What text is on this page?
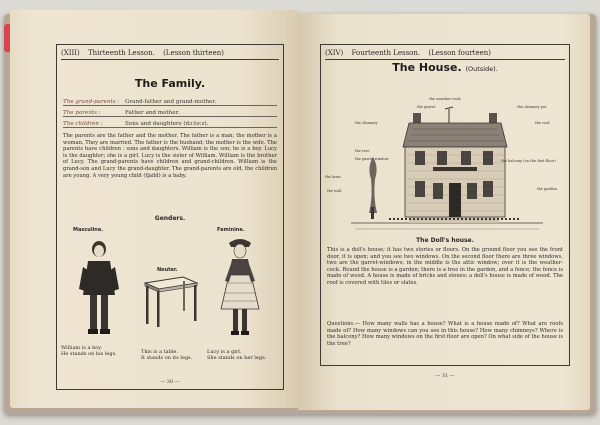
(XIII) Thirteenth Lesson. (Lesson thirteen)
The Family.
The grand-parents :	Grand-father and grand-mother.
The parents :	Father and mother.
The children :	Sons and daughters (dɔ:tə:z).
The parents are the father and the mother. The father is a man; the mother is a woman. They are married. The father is the husband; the mother is the wife. The parents have children : sons and daughters. William is the son; he is a boy. Lucy is the daughter; she is a girl. Lucy is the sister of William. William is the brother of Lucy. The grand-parents have children and grand-children. William is the grand-son and Lucy the grand-daughter. The grand-parents are old, the children are young. A very young child (tʃaild) is a baby.
Genders.
Masculine.
Neuter.
Feminine.
William is a boy.
He stands on his legs.	This is a table.
It stands on its legs.
Lucy is a girl.
She stands on her legs.
— 30 —
(XIV) Fourteenth Lesson. (Lesson fourteen)
The House. (Outside).
the weather-cock
the garret	the chimney-pot
the chimney	the roof
the tree
the garret window	the balcony (on the first floor)
the lawn
the wall	the garden
The Doll's house.
This is a doll's house; it has two stories or floors. On the ground floor you see the front door, it is open; and you see two windows. On the second floor there are three windows, two are the garret-windows; in the middle is the attic window; over it is the weather-cock. Round the house is a garden; there is a tree in the garden, and a fence; the fence is made of wood. A house is made of bricks and stones; a doll's house is made of wood. The roof is covered with tiles or slates.
Questions.— How many walls has a house? What is a house made of? What are roofs made of? How many windows can you see in this house? How many chimneys? Where is the balcony? How many windows on the first floor are open? On what side of the house is the tree?
— 31 —
